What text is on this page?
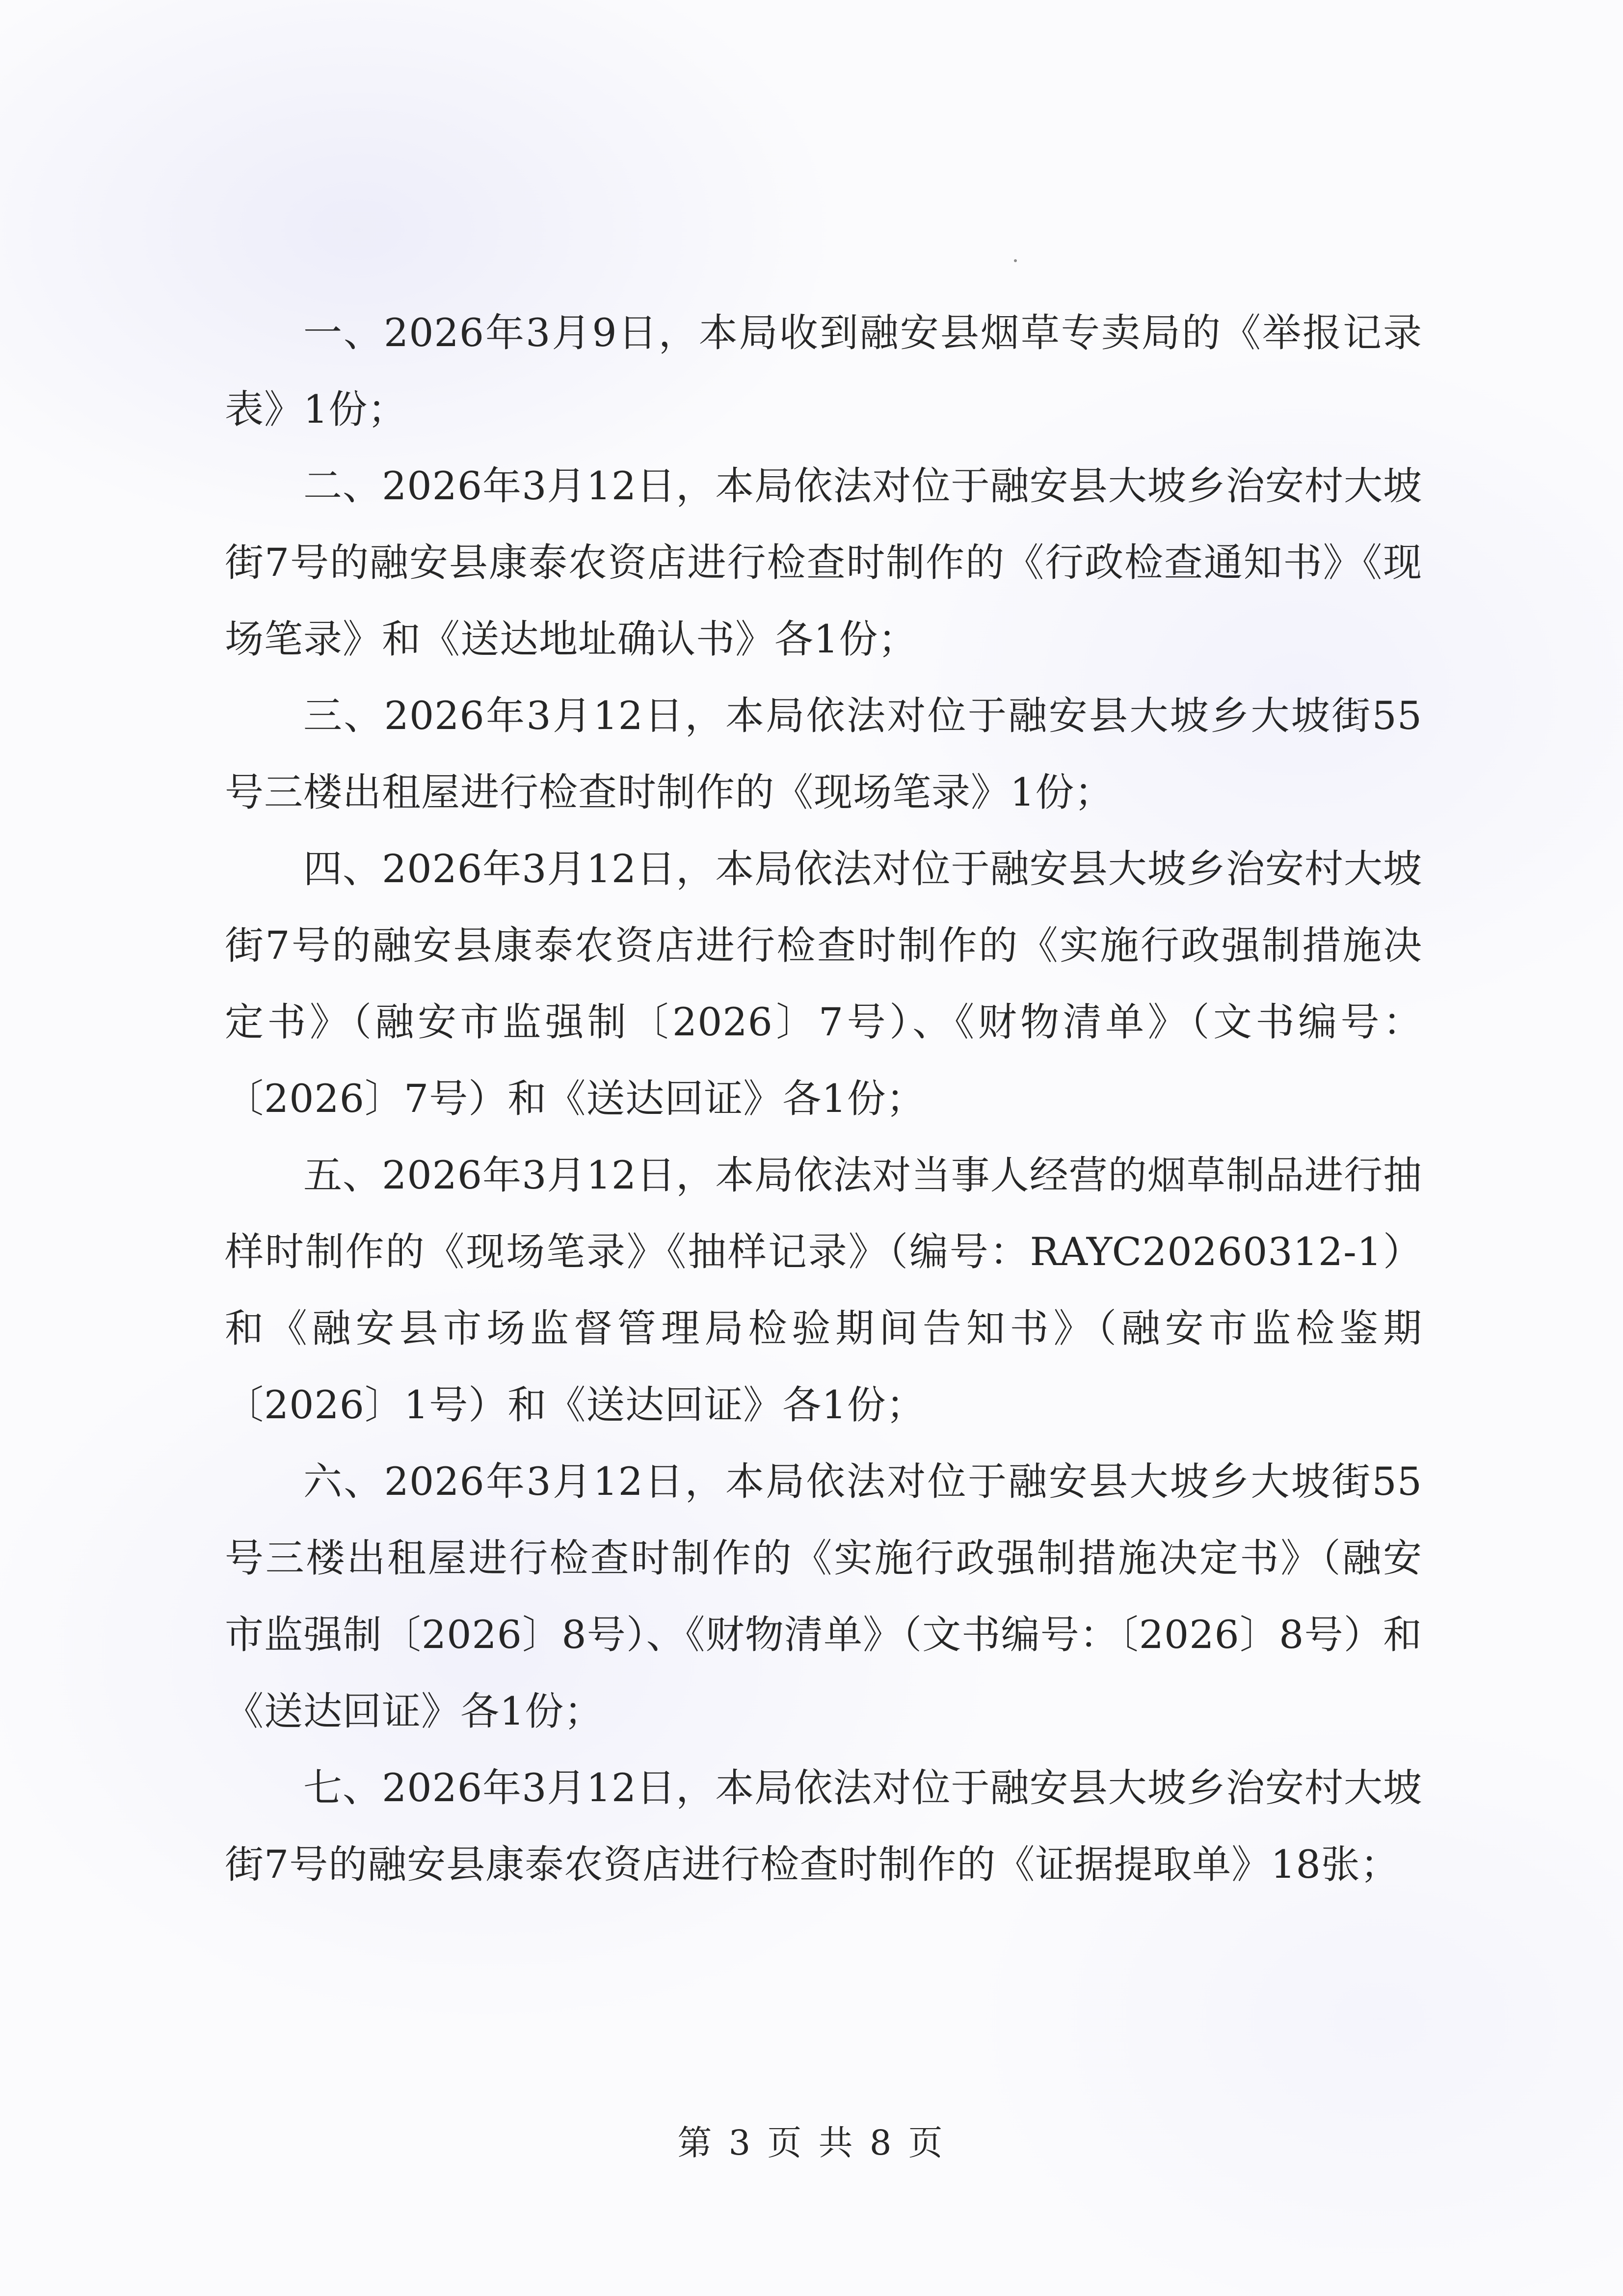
一、2026年3月9日，本局收到融安县烟草专卖局的《举报记录表》1份；

二、2026年3月12日，本局依法对位于融安县大坡乡治安村大坡街7号的融安县康泰农资店进行检查时制作的《行政检查通知书》《现场笔录》和《送达地址确认书》各1份；

三、2026年3月12日，本局依法对位于融安县大坡乡大坡街55号三楼出租屋进行检查时制作的《现场笔录》1份；

四、2026年3月12日，本局依法对位于融安县大坡乡治安村大坡街7号的融安县康泰农资店进行检查时制作的《实施行政强制措施决定书》（融安市监强制〔2026〕7号）、《财物清单》（文书编号：〔2026〕7号）和《送达回证》各1份；

五、2026年3月12日，本局依法对当事人经营的烟草制品进行抽样时制作的《现场笔录》《抽样记录》（编号：RAYC20260312-1）和《融安县市场监督管理局检验期间告知书》（融安市监检鉴期〔2026〕1号）和《送达回证》各1份；

六、2026年3月12日，本局依法对位于融安县大坡乡大坡街55号三楼出租屋进行检查时制作的《实施行政强制措施决定书》（融安市监强制〔2026〕8号）、《财物清单》（文书编号：〔2026〕8号）和《送达回证》各1份；

七、2026年3月12日，本局依法对位于融安县大坡乡治安村大坡街7号的融安县康泰农资店进行检查时制作的《证据提取单》18张；

第 3 页 共 8 页
